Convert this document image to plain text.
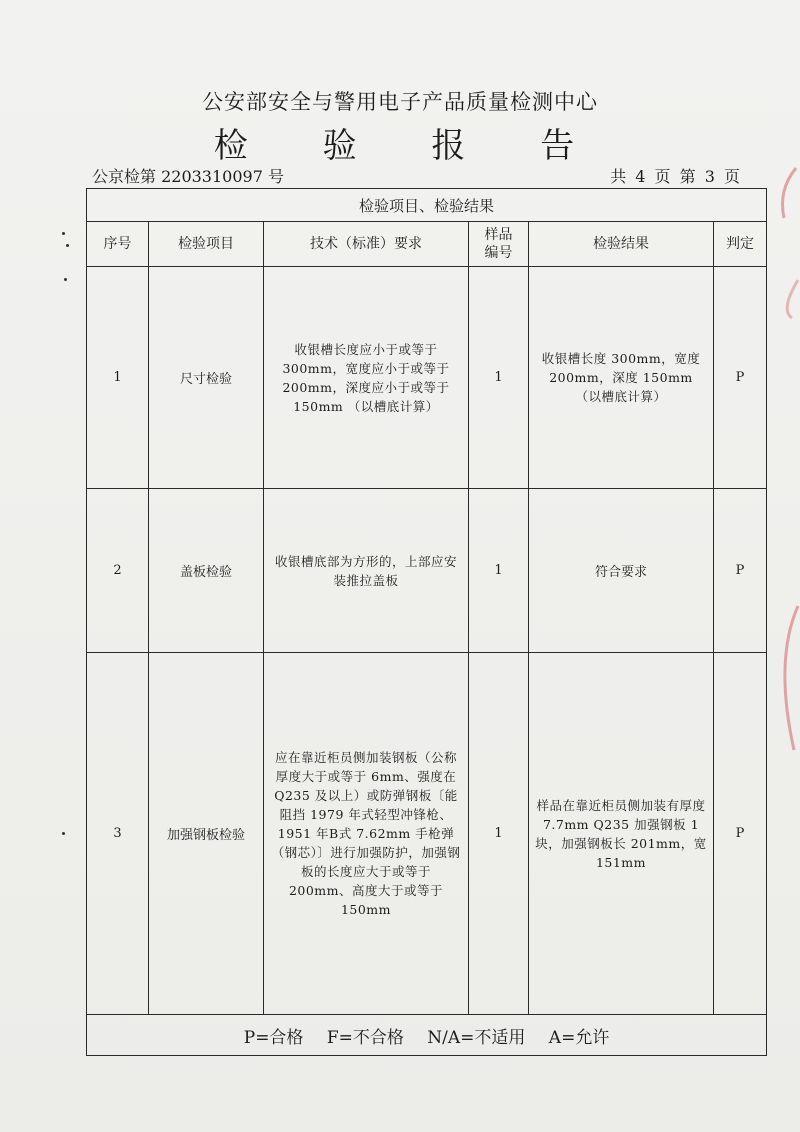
公安部安全与警用电子产品质量检测中心
检 验 报 告
公京检第 2203310097 号	共 4 页 第 3 页
检验项目、检验结果					
序号	检验项目	技术（标准）要求	样品编号	检验结果	判定
1	尺寸检验	收银槽长度应小于或等于300mm，宽度应小于或等于200mm，深度应小于或等于150mm （以槽底计算）	1	收银槽长度 300mm，宽度200mm，深度 150mm （以槽底计算）	P
2	盖板检验	收银槽底部为方形的，上部应安装推拉盖板	1	符合要求	P
3	加强钢板检验	应在靠近柜员侧加装钢板（公称厚度大于或等于 6mm、强度在Q235 及以上）或防弹钢板〔能阻挡 1979 年式轻型冲锋枪、1951 年B式 7.62mm 手枪弹（钢芯）〕进行加强防护，加强钢板的长度应大于或等于 200mm、高度大于或等于 150mm	1	样品在靠近柜员侧加装有厚度 7.7mm Q235 加强钢板 1块，加强钢板长 201mm，宽151mm	P
P=合格 F=不合格 N/A=不适用 A=允许					
